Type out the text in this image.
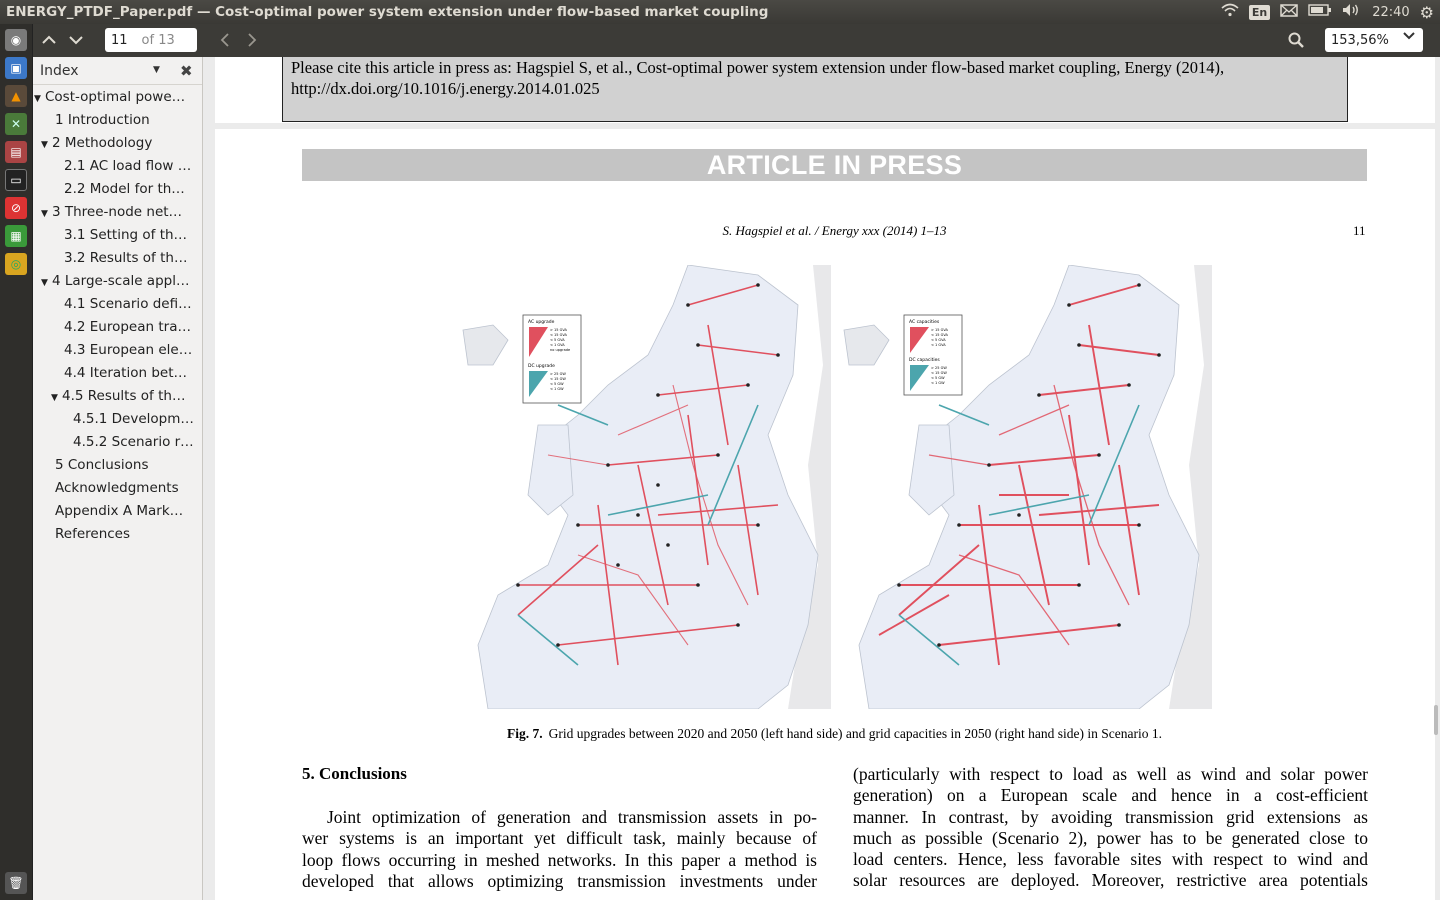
ENERGY_PTDF_Paper.pdf — Cost-optimal power system extension under flow-based market coupling	En	22:40 ⚙
◉
▣
▲
✕
▤
▭
⊘
▦
◎
🗑
11 of 13	153,56%
Index	▼ ✖
▼ Cost-optimal powe…
1 Introduction
▼ 2 Methodology
2.1 AC load flow …
2.2 Model for th…
▼ 3 Three-node net…
3.1 Setting of th…
3.2 Results of th…
▼ 4 Large-scale appl…
4.1 Scenario defi…
4.2 European tra…
4.3 European ele…
4.4 Iteration bet…
▼ 4.5 Results of th…
4.5.1 Developm…
4.5.2 Scenario r…
5 Conclusions
Acknowledgments
Appendix A Mark…
References
Please cite this article in press as: Hagspiel S, et al., Cost-optimal power system extension under flow-based market coupling, Energy (2014),
http://dx.doi.org/10.1016/j.energy.2014.01.025
ARTICLE IN PRESS
S. Hagspiel et al. / Energy xxx (2014) 1–13	11
AC upgrade
> 15 GVA
< 15 GVA
< 5 GVA
< 1 GVA
no upgrade
DC upgrade
> 25 GW
< 15 GW
< 5 GW
< 1 GW
AC capacities
> 15 GVA
< 15 GVA
< 5 GVA
< 1 GVA
DC capacities
> 25 GW
< 15 GW
< 5 GW
< 1 GW
Fig. 7. Grid upgrades between 2020 and 2050 (left hand side) and grid capacities in 2050 (right hand side) in Scenario 1.
5. Conclusions
Joint optimization of generation and transmission assets in po-
wer systems is an important yet difficult task, mainly because of
loop flows occurring in meshed networks. In this paper a method is
developed that allows optimizing transmission investments under
(particularly with respect to load as well as wind and solar power
generation) on a European scale and hence in a cost-efficient
manner. In contrast, by avoiding transmission grid extensions as
much as possible (Scenario 2), power has to be generated close to
load centers. Hence, less favorable sites with respect to wind and
solar resources are deployed. Moreover, restrictive area potentials
